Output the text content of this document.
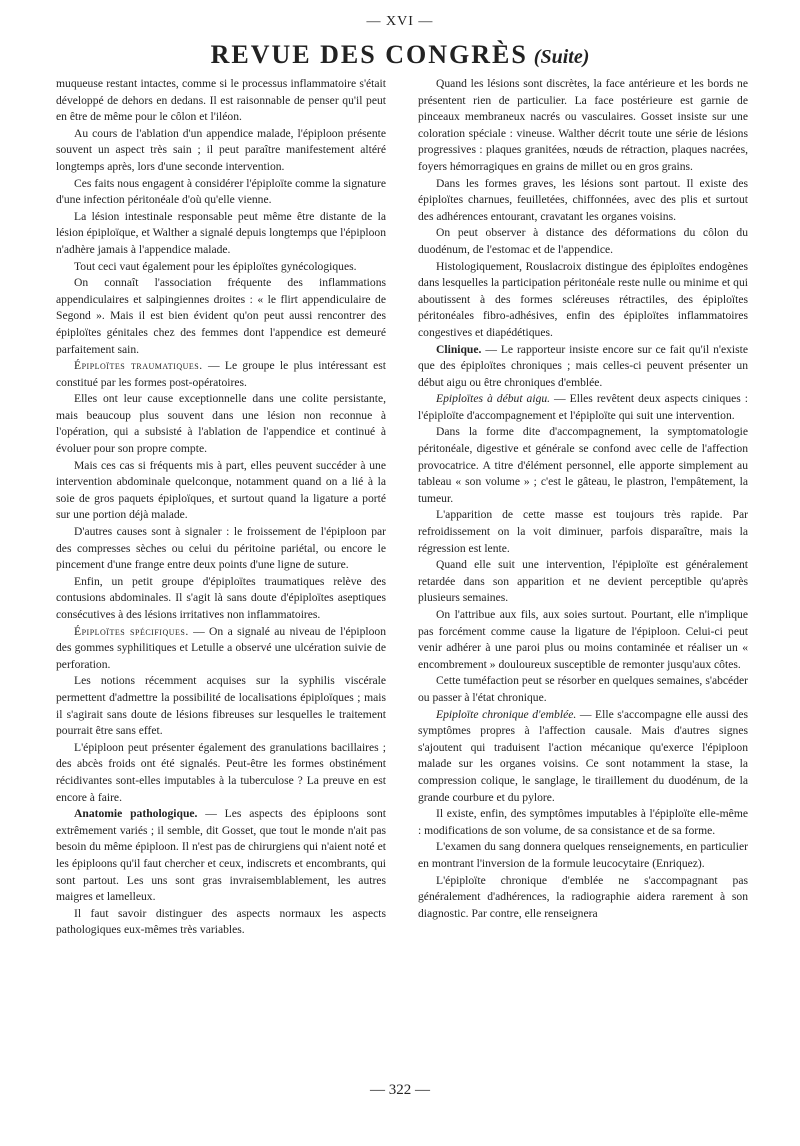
— XVI —
REVUE DES CONGRÈS (Suite)

muqueuse restant intactes, comme si le processus inflammatoire s'était développé de dehors en dedans. Il est raisonnable de penser qu'il peut en être de même pour le côlon et l'iléon.

Au cours de l'ablation d'un appendice malade, l'épiploon présente souvent un aspect très sain ; il peut paraître manifestement altéré longtemps après, lors d'une seconde intervention.

Ces faits nous engagent à considérer l'épiploïte comme la signature d'une infection péritonéale d'où qu'elle vienne.

La lésion intestinale responsable peut même être distante de la lésion épiploïque, et Walther a signalé depuis longtemps que l'épiploon n'adhère jamais à l'appendice malade.

Tout ceci vaut également pour les épiploïtes gynécologiques.

On connaît l'association fréquente des inflammations appendiculaires et salpingiennes droites : « le flirt appendiculaire de Segond ». Mais il est bien évident qu'on peut aussi rencontrer des épiploïtes génitales chez des femmes dont l'appendice est demeuré parfaitement sain.

Épiploïtes traumatiques. — Le groupe le plus intéressant est constitué par les formes post-opératoires.

Elles ont leur cause exceptionnelle dans une colite persistante, mais beaucoup plus souvent dans une lésion non reconnue à l'opération, qui a subsisté à l'ablation de l'appendice et continué à évoluer pour son propre compte.

Mais ces cas si fréquents mis à part, elles peuvent succéder à une intervention abdominale quelconque, notamment quand on a lié à la soie de gros paquets épiploïques, et surtout quand la ligature a porté sur une portion déjà malade.

D'autres causes sont à signaler : le froissement de l'épiploon par des compresses sèches ou celui du péritoine pariétal, ou encore le pincement d'une frange entre deux points d'une ligne de suture.

Enfin, un petit groupe d'épiploïtes traumatiques relève des contusions abdominales. Il s'agit là sans doute d'épiploïtes aseptiques consécutives à des lésions irritatives non inflammatoires.

Épiploïtes spécifiques. — On a signalé au niveau de l'épiploon des gommes syphilitiques et Letulle a observé une ulcération suivie de perforation.

Les notions récemment acquises sur la syphilis viscérale permettent d'admettre la possibilité de localisations épiploïques ; mais il s'agirait sans doute de lésions fibreuses sur lesquelles le traitement pourrait être sans effet.

L'épiploon peut présenter également des granulations bacillaires ; des abcès froids ont été signalés. Peut-être les formes obstinément récidivantes sont-elles imputables à la tuberculose ? La preuve en est encore à faire.

Anatomie pathologique. — Les aspects des épiploons sont extrêmement variés ; il semble, dit Gosset, que tout le monde n'ait pas besoin du même épiploon. Il n'est pas de chirurgiens qui n'aient noté et les épiploons qu'il faut chercher et ceux, indiscrets et encombrants, qui sont partout. Les uns sont gras invraisemblablement, les autres maigres et lamelleux.

Il faut savoir distinguer des aspects normaux les aspects pathologiques eux-mêmes très variables.

Quand les lésions sont discrètes, la face antérieure et les bords ne présentent rien de particulier. La face postérieure est garnie de pinceaux membraneux nacrés ou vasculaires. Gosset insiste sur une coloration spéciale : vineuse. Walther décrit toute une série de lésions progressives : plaques granitées, nœuds de rétraction, plaques nacrées, foyers hémorragiques en grains de millet ou en gros grains.

Dans les formes graves, les lésions sont partout. Il existe des épiploïtes charnues, feuilletées, chiffonnées, avec des plis et surtout des adhérences entourant, cravatant les organes voisins.

On peut observer à distance des déformations du côlon du duodénum, de l'estomac et de l'appendice.

Histologiquement, Rouslacroix distingue des épiploïtes endogènes dans lesquelles la participation péritonéale reste nulle ou minime et qui aboutissent à des formes scléreuses rétractiles, des épiploïtes péritonéales fibro-adhésives, enfin des épiploïtes inflammatoires congestives et diapédétiques.

Clinique. — Le rapporteur insiste encore sur ce fait qu'il n'existe que des épiploïtes chroniques ; mais celles-ci peuvent présenter un début aigu ou être chroniques d'emblée.

Epiploïtes à début aigu. — Elles revêtent deux aspects ciniques : l'épiploïte d'accompagnement et l'épiploïte qui suit une intervention.

Dans la forme dite d'accompagnement, la symptomatologie péritonéale, digestive et générale se confond avec celle de l'affection provocatrice. A titre d'élément personnel, elle apporte simplement au tableau « son volume » ; c'est le gâteau, le plastron, l'empâtement, la tumeur.

L'apparition de cette masse est toujours très rapide. Par refroidissement on la voit diminuer, parfois disparaître, mais la régression est lente.

Quand elle suit une intervention, l'épiploïte est généralement retardée dans son apparition et ne devient perceptible qu'après plusieurs semaines.

On l'attribue aux fils, aux soies surtout. Pourtant, elle n'implique pas forcément comme cause la ligature de l'épiploon. Celui-ci peut venir adhérer à une paroi plus ou moins contaminée et réaliser un « encombrement » douloureux susceptible de remonter jusqu'aux côtes.

Cette tuméfaction peut se résorber en quelques semaines, s'abcéder ou passer à l'état chronique.

Epiploïte chronique d'emblée. — Elle s'accompagne elle aussi des symptômes propres à l'affection causale. Mais d'autres signes s'ajoutent qui traduisent l'action mécanique qu'exerce l'épiploon malade sur les organes voisins. Ce sont notamment la stase, la compression colique, le sanglage, le tiraillement du duodénum, de la grande courbure et du pylore.

Il existe, enfin, des symptômes imputables à l'épiploïte elle-même : modifications de son volume, de sa consistance et de sa forme.

L'examen du sang donnera quelques renseignements, en particulier en montrant l'inversion de la formule leucocytaire (Enriquez).

L'épiploïte chronique d'emblée ne s'accompagnant pas généralement d'adhérences, la radiographie aidera rarement à son diagnostic. Par contre, elle renseignera

— 322 —
